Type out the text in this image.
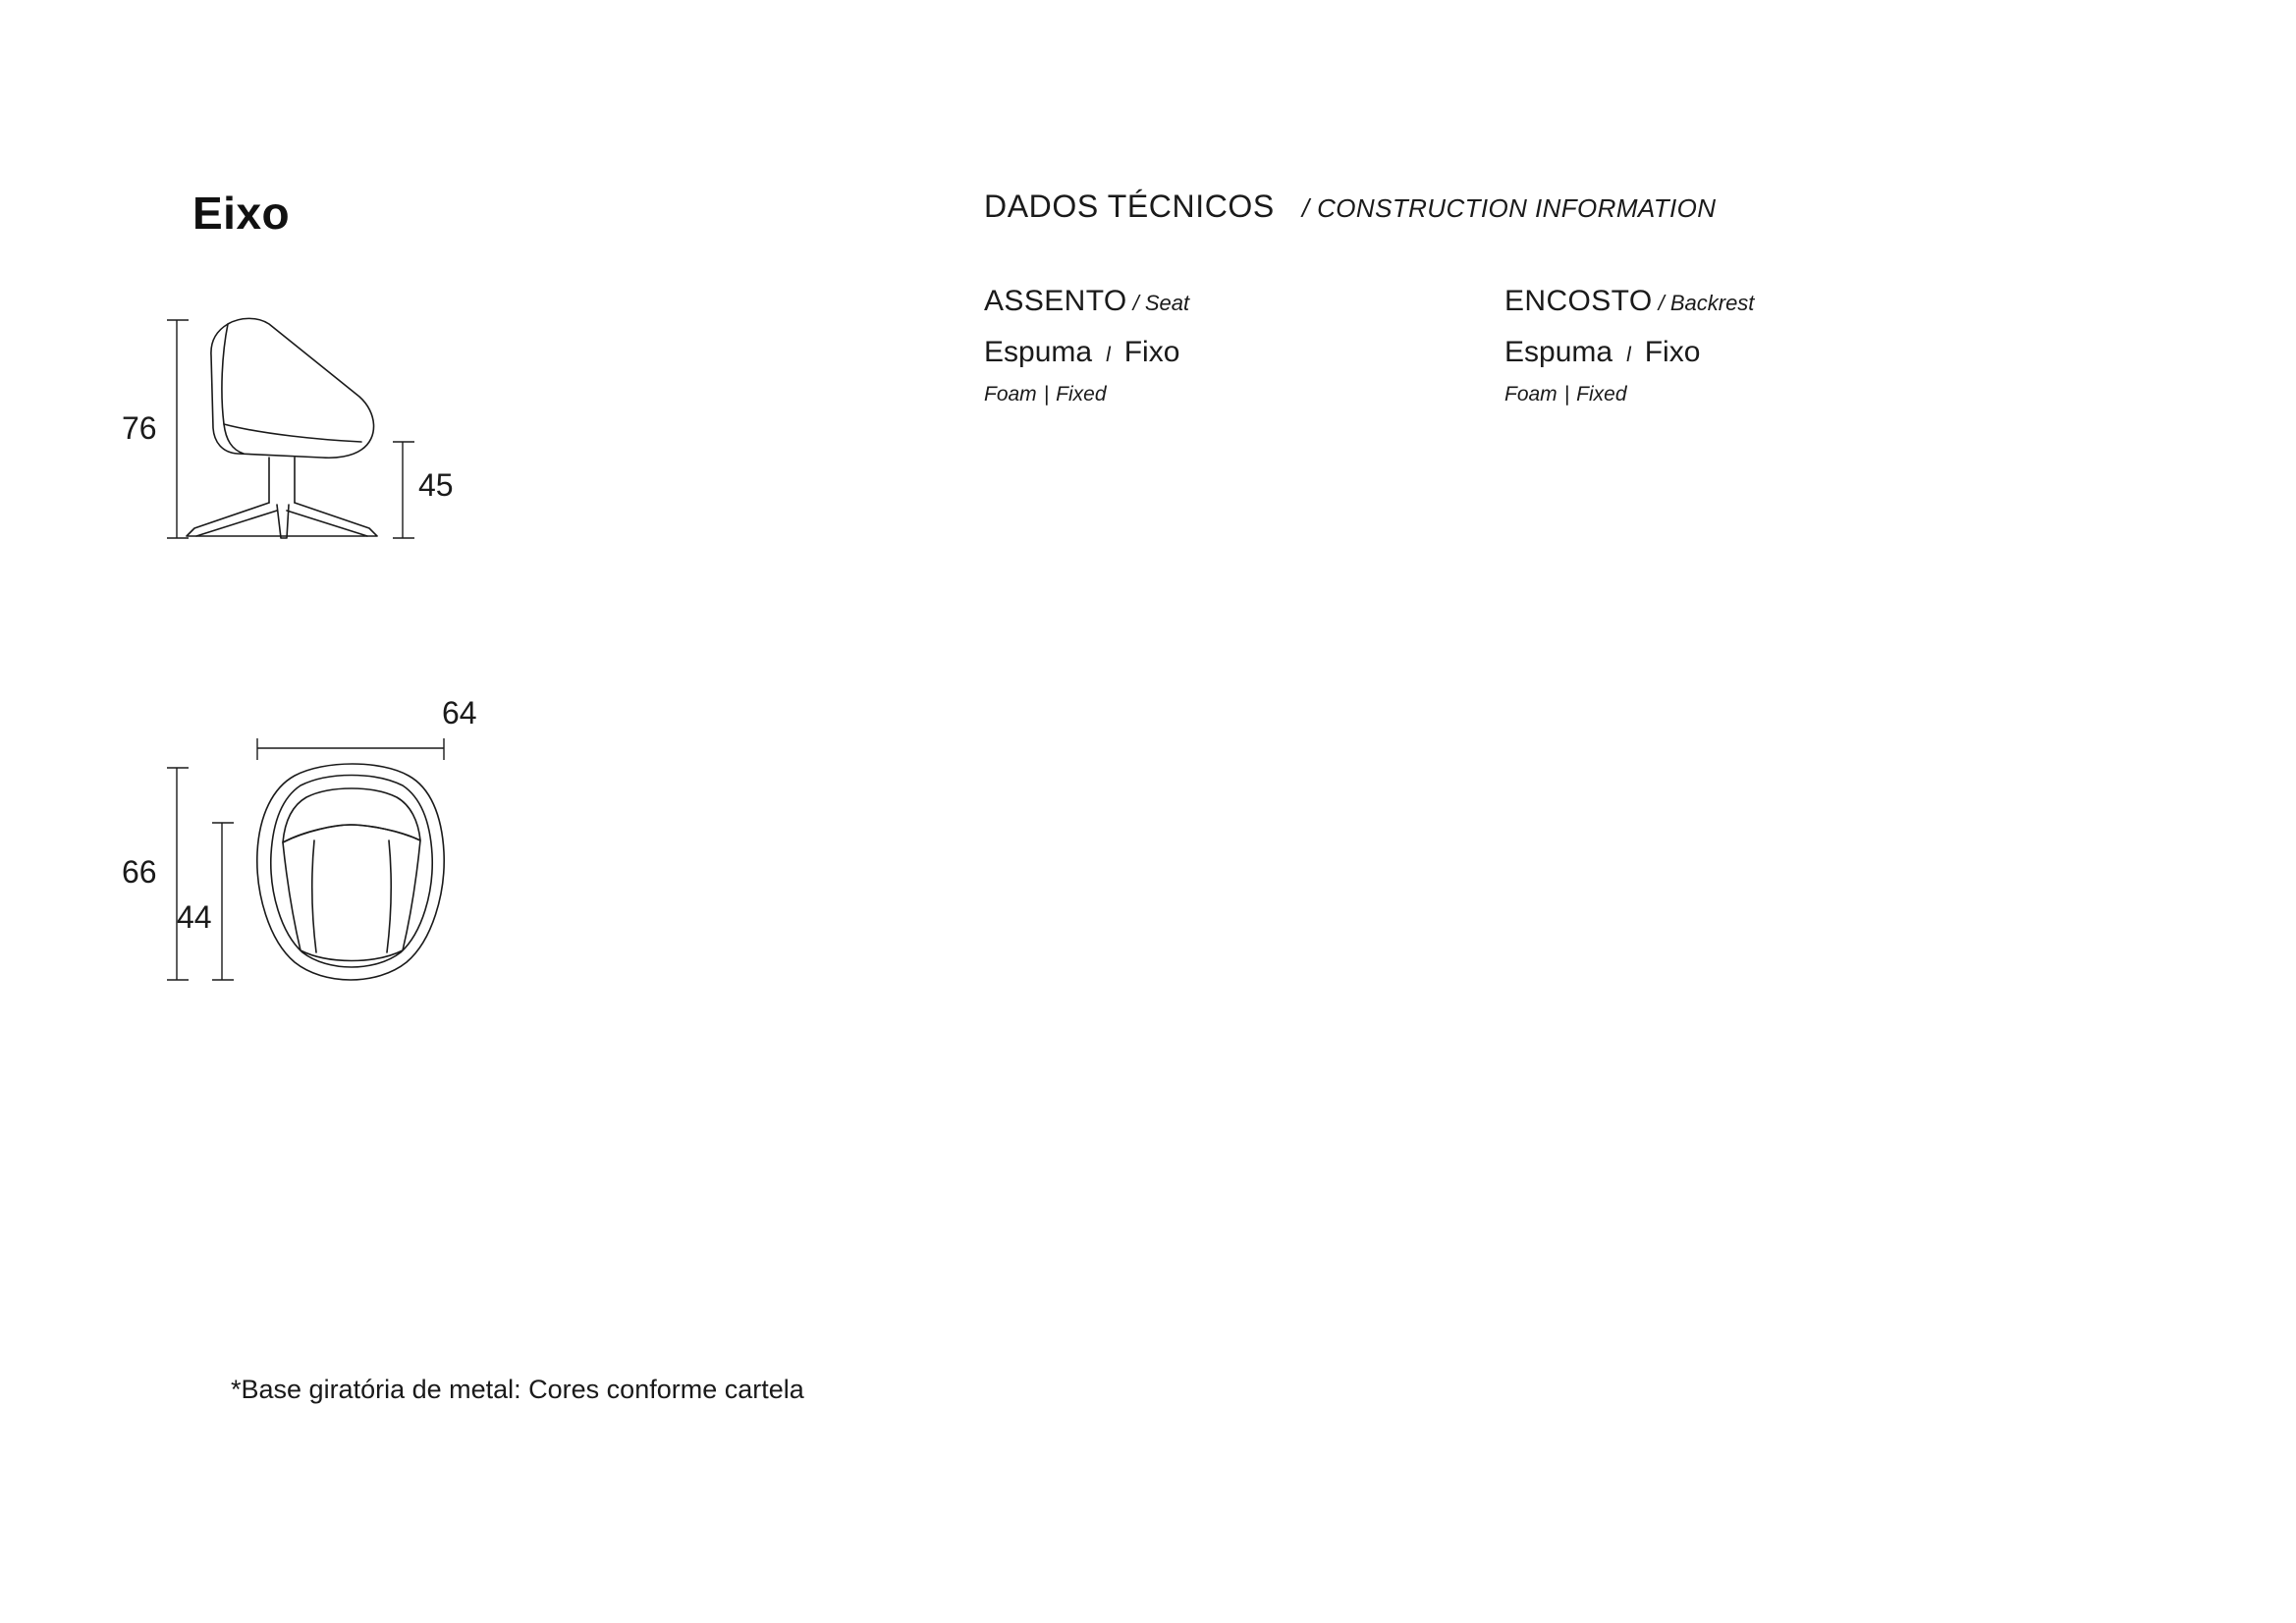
Eixo	DADOS TÉCNICOS / CONSTRUCTION INFORMATION
ASSENTO / Seat
Espuma l Fixo
Foam | Fixed
ENCOSTO / Backrest
Espuma l Fixo
Foam | Fixed
76
45
64
66
44
*Base giratória de metal: Cores conforme cartela
